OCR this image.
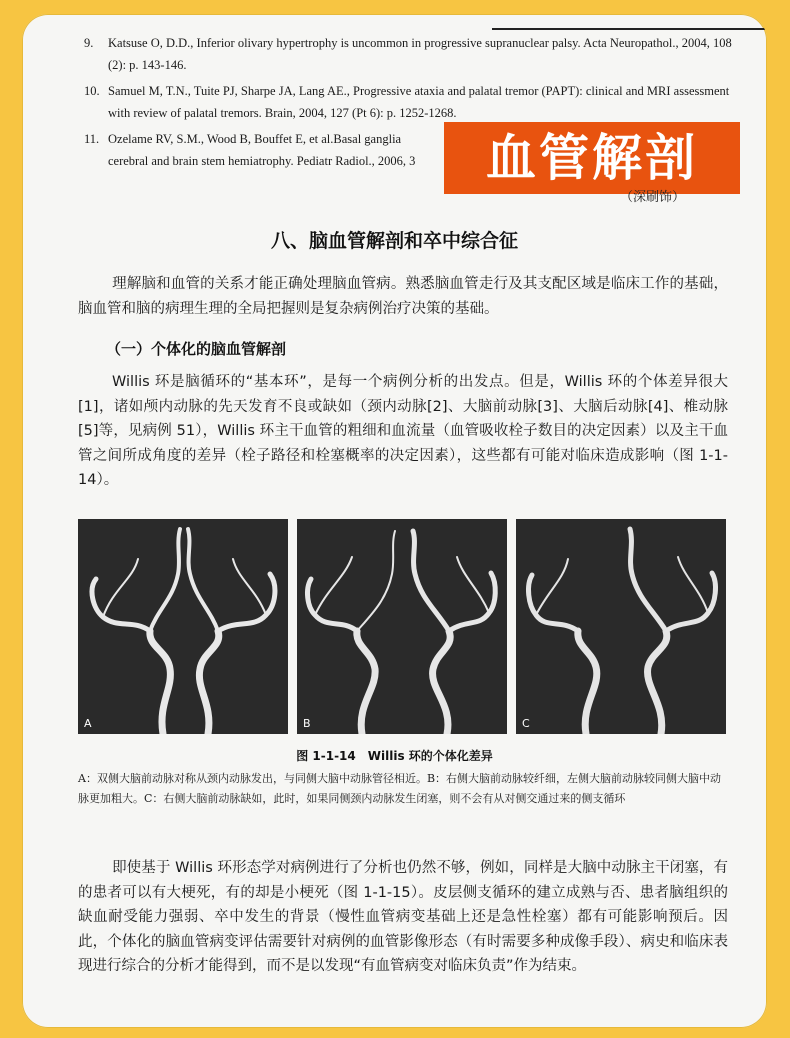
9.	Katsuse O, D.D., Inferior olivary hypertrophy is uncommon in progressive supranuclear palsy. Acta Neuropathol., 2004, 108 (2): p. 143-146.
10. Samuel M, T.N., Tuite PJ, Sharpe JA, Lang AE., Progressive ataxia and palatal tremor (PAPT): clinical and MRI assessment with review of palatal tremors. Brain, 2004, 127 (Pt 6): p. 1252-1268.
11. Ozelame RV, S.M., Wood B, Bouffet E, et al.Basal ganglia
cerebral and brain stem hemiatrophy. Pediatr Radiol., 2006, 3	血管解剖
（深刷饰）
八、脑血管解剖和卒中综合征
理解脑和血管的关系才能正确处理脑血管病。熟悉脑血管走行及其支配区域是临床工作的基础，脑血管和脑的病理生理的全局把握则是复杂病例治疗决策的基础。
（一）个体化的脑血管解剖
Willis 环是脑循环的“基本环”，是每一个病例分析的出发点。但是，Willis 环的个体差异很大[1]，诸如颅内动脉的先天发育不良或缺如（颈内动脉[2]、大脑前动脉[3]、大脑后动脉[4]、椎动脉[5]等，见病例 51），Willis 环主干血管的粗细和血流量（血管吸收栓子数目的决定因素）以及主干血管之间所成角度的差异（栓子路径和栓塞概率的决定因素），这些都有可能对临床造成影响（图 1-1-14）。
A	B	C
图 1-1-14　Willis 环的个体化差异
A：双侧大脑前动脉对称从颈内动脉发出，与同侧大脑中动脉管径相近。B：右侧大脑前动脉较纤细，左侧大脑前动脉较同侧大脑中动脉更加粗大。C：右侧大脑前动脉缺如，此时，如果同侧颈内动脉发生闭塞，则不会有从对侧交通过来的侧支循环
即使基于 Willis 环形态学对病例进行了分析也仍然不够，例如，同样是大脑中动脉主干闭塞，有的患者可以有大梗死，有的却是小梗死（图 1-1-15）。皮层侧支循环的建立成熟与否、患者脑组织的缺血耐受能力强弱、卒中发生的背景（慢性血管病变基础上还是急性栓塞）都有可能影响预后。因此，个体化的脑血管病变评估需要针对病例的血管影像形态（有时需要多种成像手段）、病史和临床表现进行综合的分析才能得到，而不是以发现“有血管病变对临床负责”作为结束。
